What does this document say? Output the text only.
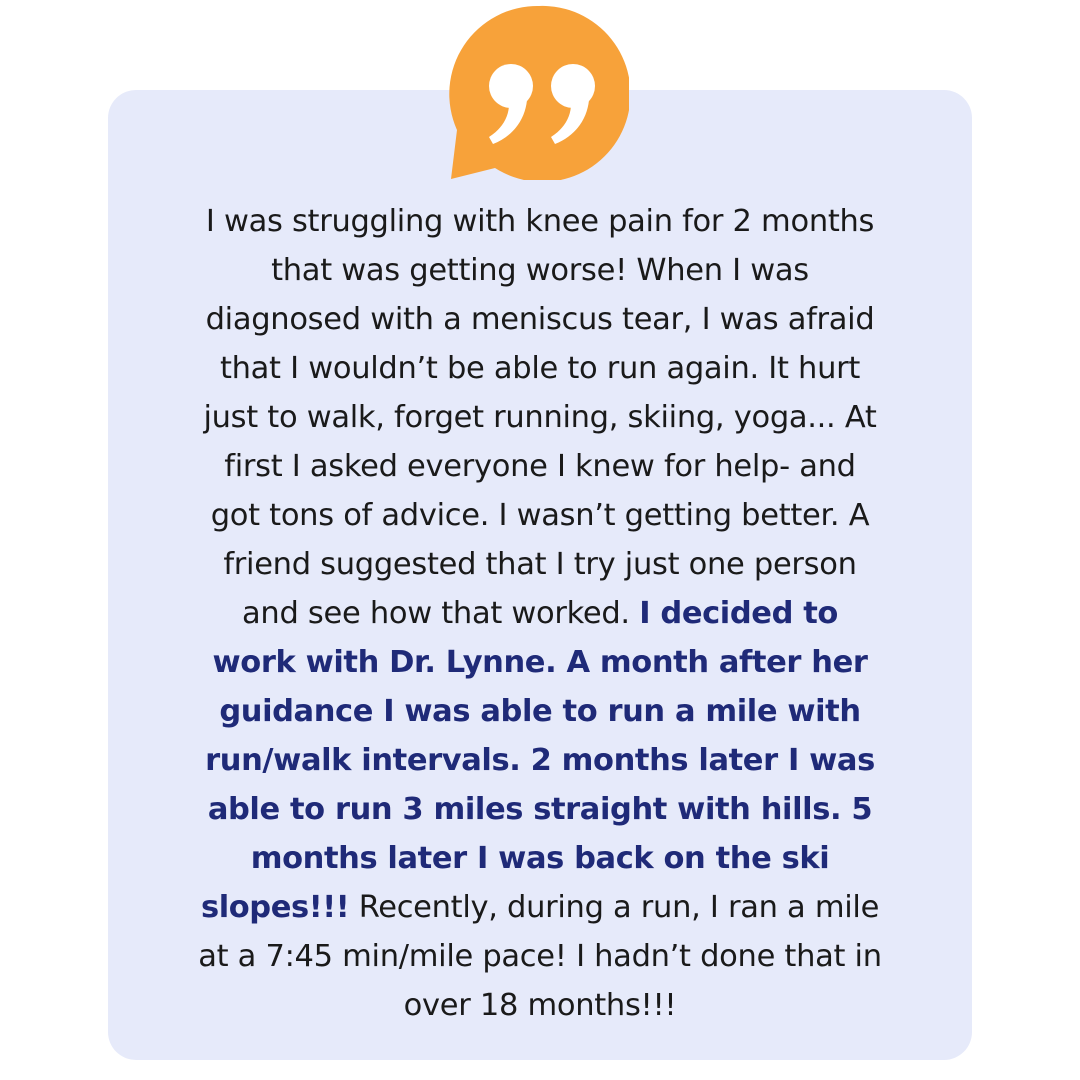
I was struggling with knee pain for 2 months
that was getting worse! When I was
diagnosed with a meniscus tear, I was afraid
that I wouldn’t be able to run again. It hurt
just to walk, forget running, skiing, yoga... At
first I asked everyone I knew for help- and
got tons of advice. I wasn’t getting better. A
friend suggested that I try just one person
and see how that worked. I decided to
work with Dr. Lynne. A month after her
guidance I was able to run a mile with
run/walk intervals. 2 months later I was
able to run 3 miles straight with hills. 5
months later I was back on the ski
slopes!!! Recently, during a run, I ran a mile
at a 7:45 min/mile pace! I hadn’t done that in
over 18 months!!!
